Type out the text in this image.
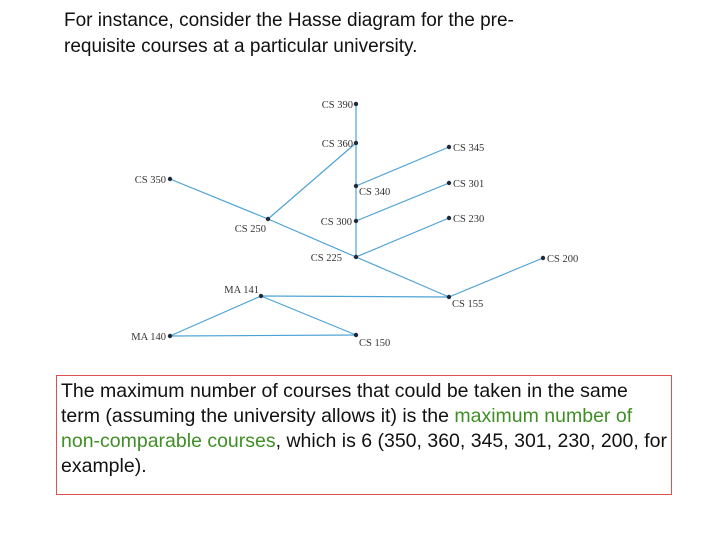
For instance, consider the Hasse diagram for the pre-
requisite courses at a particular university.
CS 390
CS 360	CS 345
CS 340
CS 301
CS 350
CS 300	CS 230
CS 250
CS 225	CS 200
MA 141
CS 155
MA 140
CS 150
The maximum number of courses that could be taken in the same term (assuming the university allows it) is the maximum number of non-comparable courses, which is 6 (350, 360, 345, 301, 230, 200, for example).
